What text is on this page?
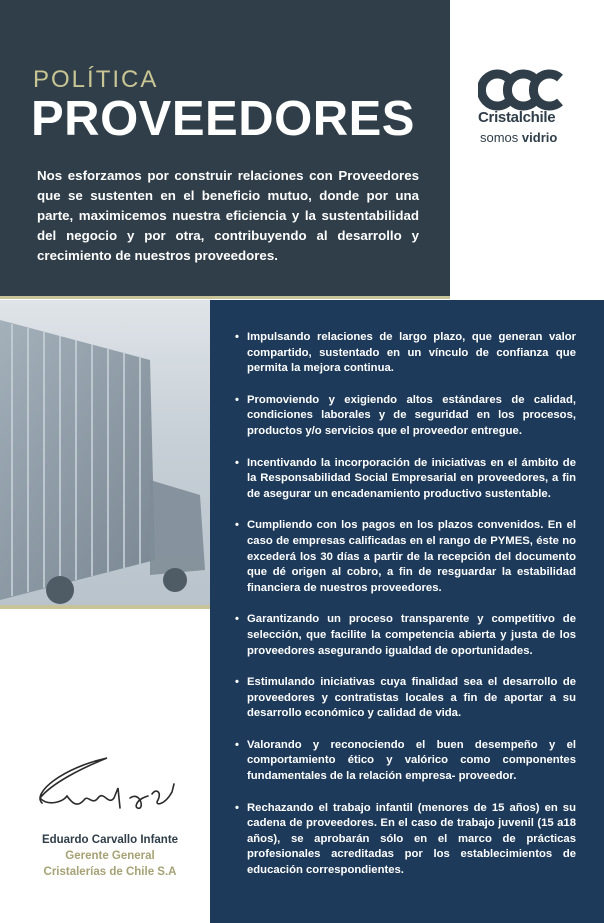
POLÍTICA
PROVEEDORES
Nos esforzamos por construir relaciones con Proveedores que se sustenten en el beneficio mutuo, donde por una parte, maximicemos nuestra eficiencia y la sustentabilidad del negocio y por otra, contribuyendo al desarrollo y crecimiento de nuestros proveedores.
Cristalchile
somos vidrio
• Impulsando relaciones de largo plazo, que generan valor compartido, sustentado en un vínculo de confianza que permita la mejora continua.
• Promoviendo y exigiendo altos estándares de calidad, condiciones laborales y de seguridad en los procesos, productos y/o servicios que el proveedor entregue.
• Incentivando la incorporación de iniciativas en el ámbito de la Responsabilidad Social Empresarial en proveedores, a fin de asegurar un encadenamiento productivo sustentable.
• Cumpliendo con los pagos en los plazos convenidos. En el caso de empresas calificadas en el rango de PYMES, éste no excederá los 30 días a partir de la recepción del documento que dé origen al cobro, a fin de resguardar la estabilidad financiera de nuestros proveedores.
• Garantizando un proceso transparente y competitivo de selección, que facilite la competencia abierta y justa de los proveedores asegurando igualdad de oportunidades.
• Estimulando iniciativas cuya finalidad sea el desarrollo de proveedores y contratistas locales a fin de aportar a su desarrollo económico y calidad de vida.
• Valorando y reconociendo el buen desempeño y el comportamiento ético y valórico como componentes fundamentales de la relación empresa- proveedor.
• Rechazando el trabajo infantil (menores de 15 años) en su cadena de proveedores. En el caso de trabajo juvenil (15 a18 años), se aprobarán sólo en el marco de prácticas profesionales acreditadas por los establecimientos de educación correspondientes.
Eduardo Carvallo Infante
Gerente General
Cristalerías de Chile S.A
